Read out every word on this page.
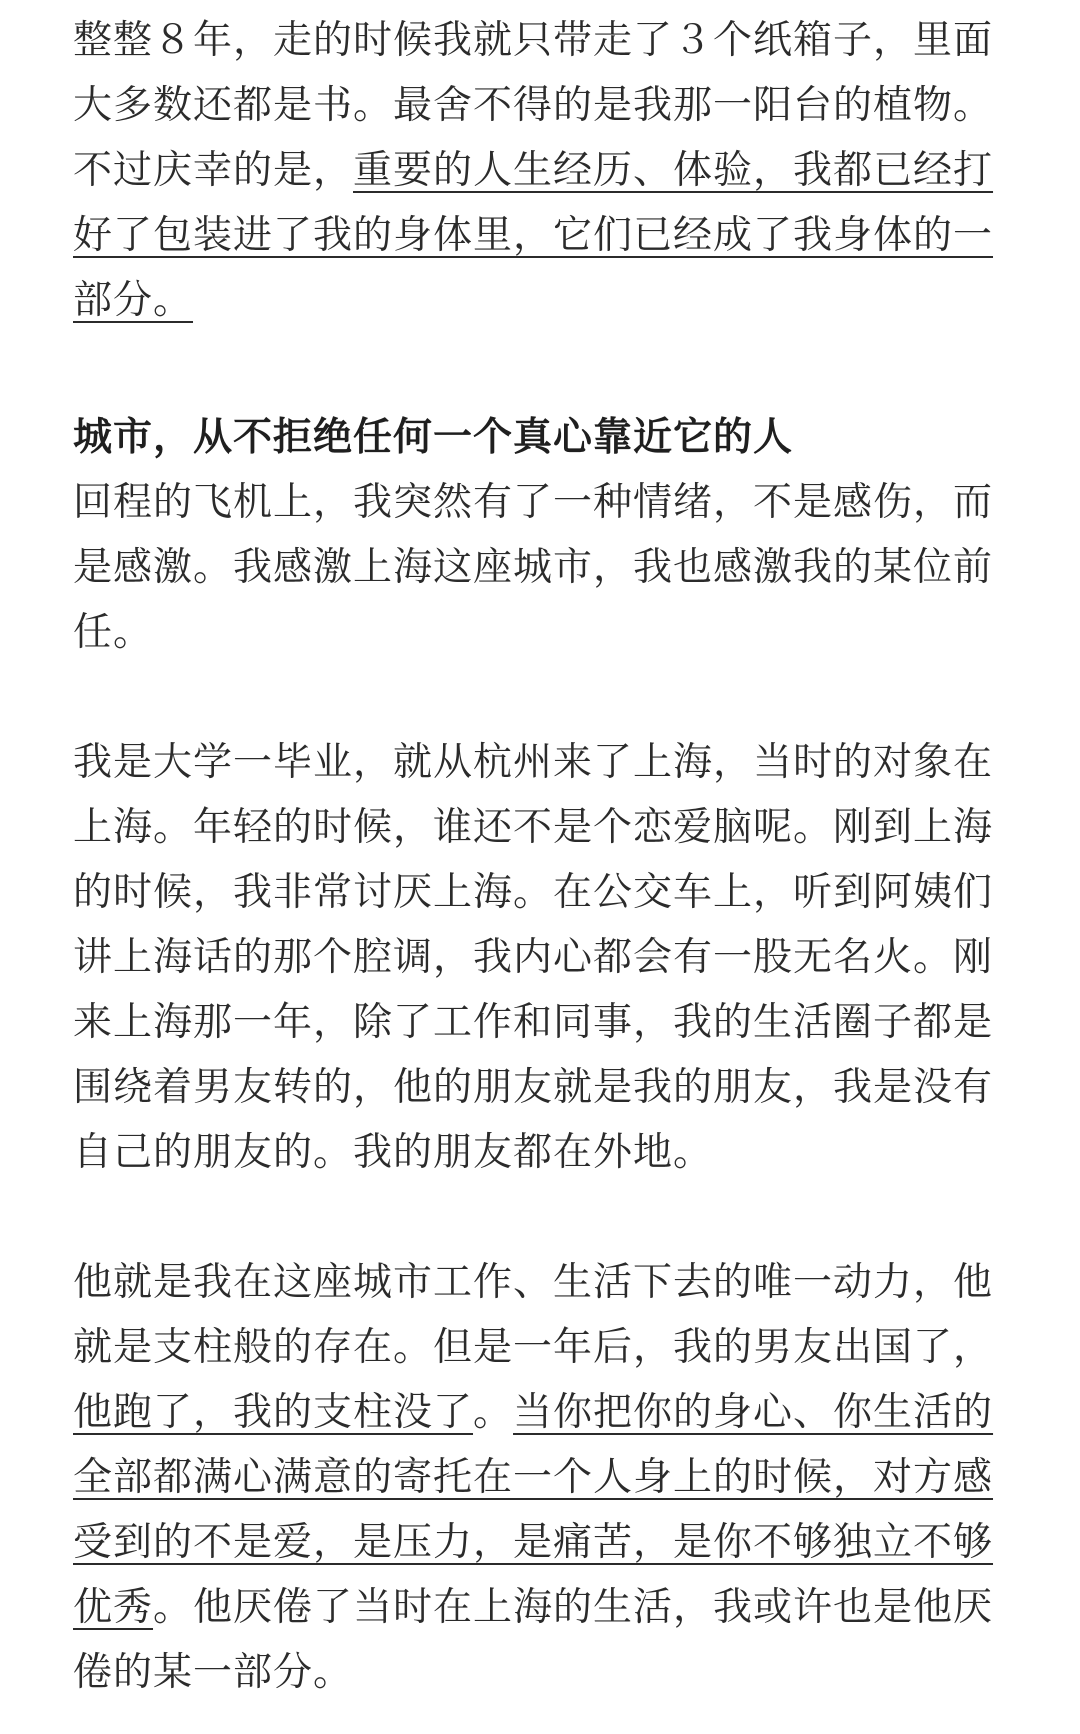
整整８年，走的时候我就只带走了３个纸箱子，里面大多数还都是书。最舍不得的是我那一阳台的植物。不过庆幸的是，重要的人生经历、体验，我都已经打好了包装进了我的身体里，它们已经成了我身体的一部分。

城市，从不拒绝任何一个真心靠近它的人

回程的飞机上，我突然有了一种情绪，不是感伤，而是感激。我感激上海这座城市，我也感激我的某位前任。

我是大学一毕业，就从杭州来了上海，当时的对象在上海。年轻的时候，谁还不是个恋爱脑呢。刚到上海的时候，我非常讨厌上海。在公交车上，听到阿姨们讲上海话的那个腔调，我内心都会有一股无名火。刚来上海那一年，除了工作和同事，我的生活圈子都是围绕着男友转的，他的朋友就是我的朋友，我是没有自己的朋友的。我的朋友都在外地。

他就是我在这座城市工作、生活下去的唯一动力，他就是支柱般的存在。但是一年后，我的男友出国了，他跑了，我的支柱没了。当你把你的身心、你生活的全部都满心满意的寄托在一个人身上的时候，对方感受到的不是爱，是压力，是痛苦，是你不够独立不够优秀。他厌倦了当时在上海的生活，我或许也是他厌倦的某一部分。
